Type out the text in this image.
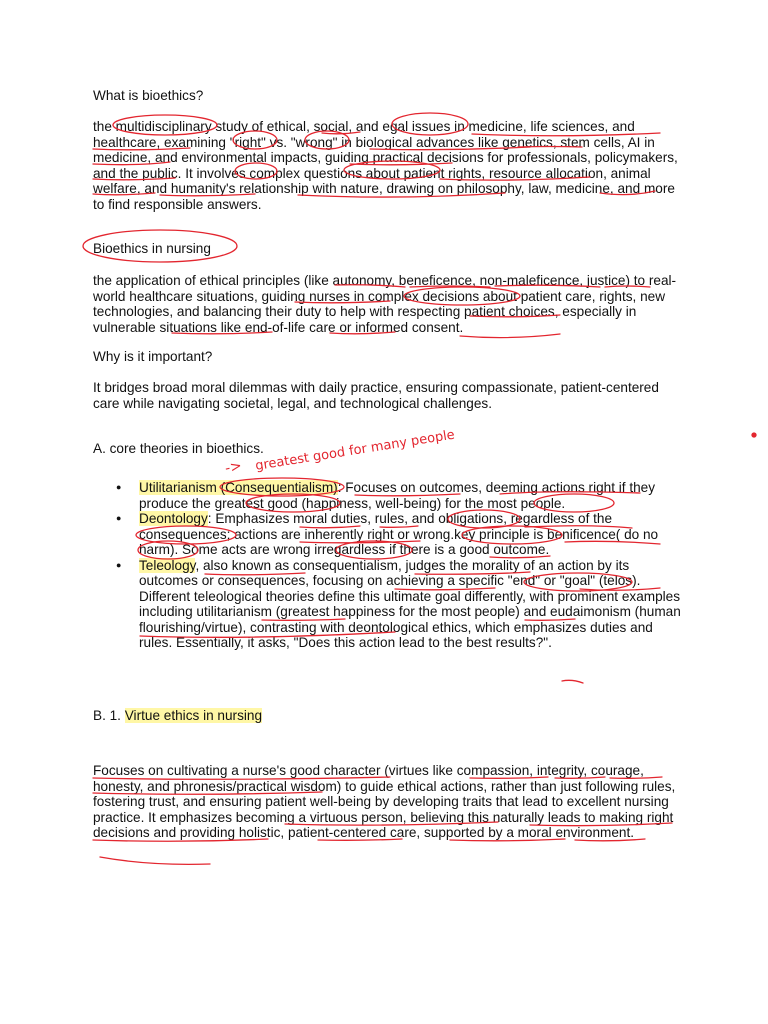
What is bioethics?
the multidisciplinary study of ethical, social, and egal issues in medicine, life sciences, and healthcare, examining "right" vs. "wrong" in biological advances like genetics, stem cells, AI in medicine, and environmental impacts, guiding practical decisions for professionals, policymakers, and the public. It involves complex questions about patient rights, resource allocation, animal welfare, and humanity's relationship with nature, drawing on philosophy, law, medicine, and more to find responsible answers.
Bioethics in nursing
the application of ethical principles (like autonomy, beneficence, non-maleficence, justice) to real-world healthcare situations, guiding nurses in complex decisions about patient care, rights, new technologies, and balancing their duty to help with respecting patient choices, especially in vulnerable situations like end-of-life care or informed consent.
Why is it important?
It bridges broad moral dilemmas with daily practice, ensuring compassionate, patient-centered care while navigating societal, legal, and technological challenges.
A. core theories in bioethics.
● Utilitarianism (Consequentialism): Focuses on outcomes, deeming actions right if they produce the greatest good (happiness, well-being) for the most people.
● Deontology: Emphasizes moral duties, rules, and obligations, regardless of the consequences; actions are inherently right or wrong.key principle is benificence( do no harm). Some acts are wrong irregardless if there is a good outcome.
● Teleology, also known as consequentialism, judges the morality of an action by its outcomes or consequences, focusing on achieving a specific "end" or "goal" (telos). Different teleological theories define this ultimate goal differently, with prominent examples including utilitarianism (greatest happiness for the most people) and eudaimonism (human flourishing/virtue), contrasting with deontological ethics, which emphasizes duties and rules. Essentially, it asks, "Does this action lead to the best results?".
B. 1. Virtue ethics in nursing
Focuses on cultivating a nurse's good character (virtues like compassion, integrity, courage, honesty, and phronesis/practical wisdom) to guide ethical actions, rather than just following rules, fostering trust, and ensuring patient well-being by developing traits that lead to excellent nursing practice. It emphasizes becoming a virtuous person, believing this naturally leads to making right decisions and providing holistic, patient-centered care, supported by a moral environment.
-> greatest good for many people
